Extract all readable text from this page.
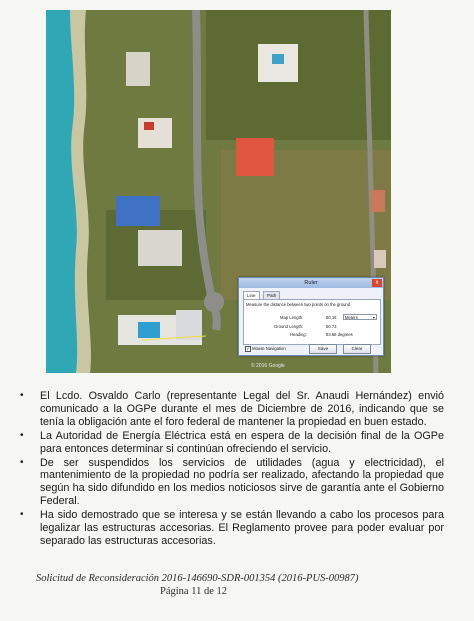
© 2016 Google
Ruler	x
Line	Path
Measure the distance between two points on the ground
Map Length:	50.16	Meters	▾
Ground Length:	50.73
Heading:	83.68 degrees
✓ Mouse Navigation	Save	Clear
• El Lcdo. Osvaldo Carlo (representante Legal del Sr. Anaudi Hernández) envió comunicado a la OGPe durante el mes de Diciembre de 2016, indicando que se tenía la obligación ante el foro federal de mantener la propiedad en buen estado.
• La Autoridad de Energía Eléctrica está en espera de la decisión final de la OGPe para entonces determinar si continúan ofreciendo el servicio.
• De ser suspendidos los servicios de utilidades (agua y electricidad), el mantenimiento de la propiedad no podría ser realizado, afectando la propiedad que según ha sido difundido en los medios noticiosos sirve de garantía ante el Gobierno Federal.
• Ha sido demostrado que se interesa y se están llevando a cabo los procesos para legalizar las estructuras accesorias. El Reglamento provee para poder evaluar por separado las estructuras accesorias.
Solicitud de Reconsideración 2016-146690-SDR-001354 (2016-PUS-00987)
Página 11 de 12
